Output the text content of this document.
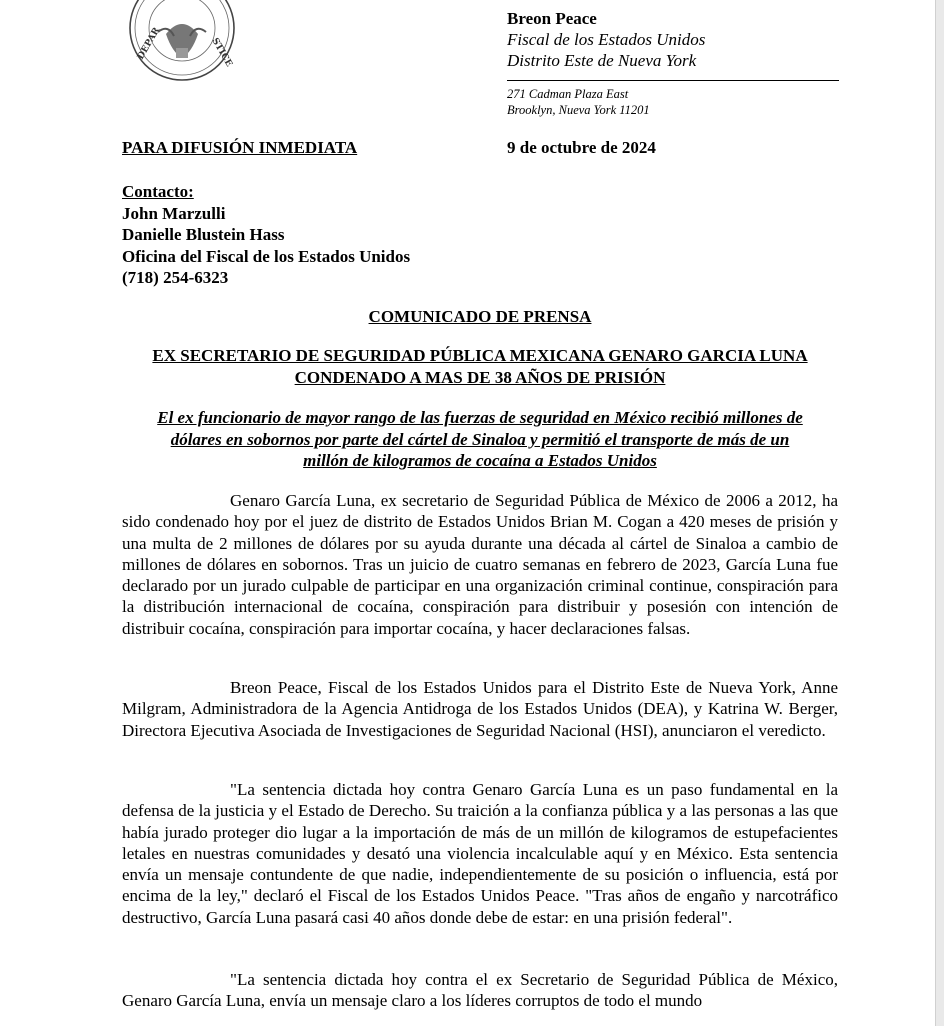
DEPAR	STICE
Breon Peace
Fiscal de los Estados Unidos
Distrito Este de Nueva York
271 Cadman Plaza East
Brooklyn, Nueva York 11201
PARA DIFUSIÓN INMEDIATA	9 de octubre de 2024
Contacto:
John Marzulli
Danielle Blustein Hass
Oficina del Fiscal de los Estados Unidos
(718) 254-6323
COMUNICADO DE PRENSA
EX SECRETARIO DE SEGURIDAD PÚBLICA MEXICANA GENARO GARCIA LUNA
CONDENADO A MAS DE 38 AÑOS DE PRISIÓN
El ex funcionario de mayor rango de las fuerzas de seguridad en México recibió millones de
dólares en sobornos por parte del cártel de Sinaloa y permitió el transporte de más de un
millón de kilogramos de cocaína a Estados Unidos
Genaro García Luna, ex secretario de Seguridad Pública de México de 2006 a 2012, ha sido condenado hoy por el juez de distrito de Estados Unidos Brian M. Cogan a 420 meses de prisión y una multa de 2 millones de dólares por su ayuda durante una década al cártel de Sinaloa a cambio de millones de dólares en sobornos. Tras un juicio de cuatro semanas en febrero de 2023, García Luna fue declarado por un jurado culpable de participar en una organización criminal continue, conspiración para la distribución internacional de cocaína, conspiración para distribuir y posesión con intención de distribuir cocaína, conspiración para importar cocaína, y hacer declaraciones falsas.
Breon Peace, Fiscal de los Estados Unidos para el Distrito Este de Nueva York, Anne Milgram, Administradora de la Agencia Antidroga de los Estados Unidos (DEA), y Katrina W. Berger, Directora Ejecutiva Asociada de Investigaciones de Seguridad Nacional (HSI), anunciaron el veredicto.
"La sentencia dictada hoy contra Genaro García Luna es un paso fundamental en la defensa de la justicia y el Estado de Derecho. Su traición a la confianza pública y a las personas a las que había jurado proteger dio lugar a la importación de más de un millón de kilogramos de estupefacientes letales en nuestras comunidades y desató una violencia incalculable aquí y en México. Esta sentencia envía un mensaje contundente de que nadie, independientemente de su posición o influencia, está por encima de la ley," declaró el Fiscal de los Estados Unidos Peace. "Tras años de engaño y narcotráfico destructivo, García Luna pasará casi 40 años donde debe de estar: en una prisión federal".
"La sentencia dictada hoy contra el ex Secretario de Seguridad Pública de México, Genaro García Luna, envía un mensaje claro a los líderes corruptos de todo el mundo
